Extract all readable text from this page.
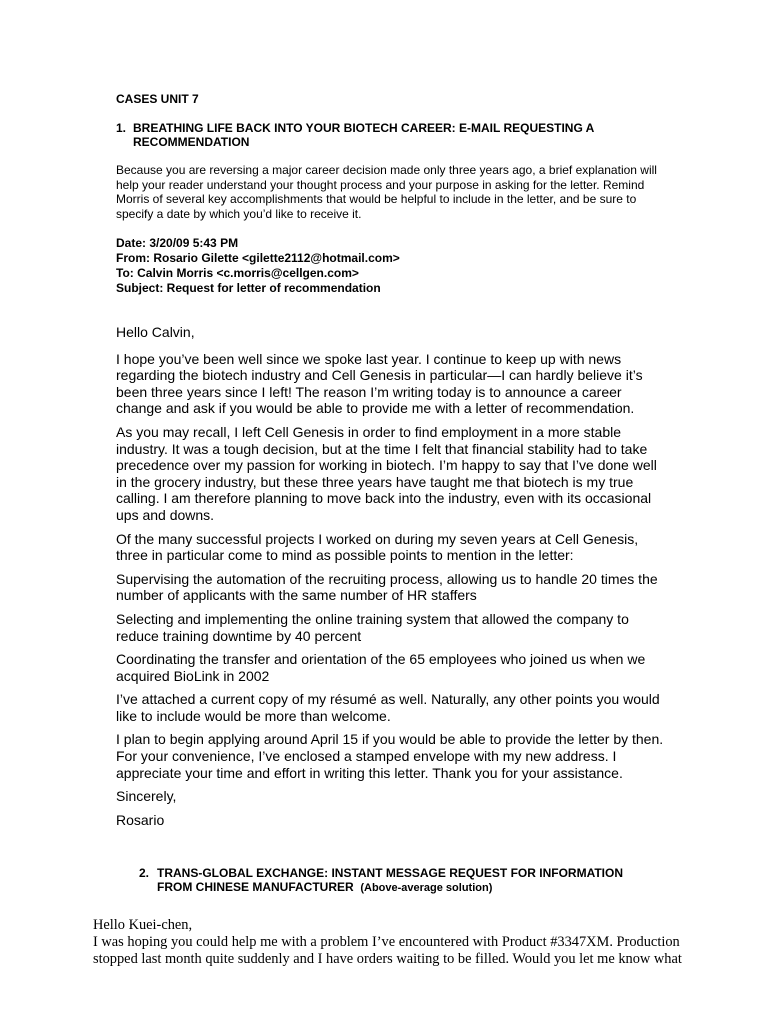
CASES UNIT 7
1. BREATHING LIFE BACK INTO YOUR BIOTECH CAREER: E-MAIL REQUESTING A
RECOMMENDATION
Because you are reversing a major career decision made only three years ago, a brief explanation will help your reader understand your thought process and your purpose in asking for the letter. Remind Morris of several key accomplishments that would be helpful to include in the letter, and be sure to specify a date by which you’d like to receive it.
Date: 3/20/09 5:43 PM
From: Rosario Gilette <gilette2112@hotmail.com>
To: Calvin Morris <c.morris@cellgen.com>
Subject: Request for letter of recommendation

Hello Calvin,

I hope you’ve been well since we spoke last year. I continue to keep up with news regarding the biotech industry and Cell Genesis in particular—I can hardly believe it’s been three years since I left! The reason I’m writing today is to announce a career change and ask if you would be able to provide me with a letter of recommendation.

As you may recall, I left Cell Genesis in order to find employment in a more stable industry. It was a tough decision, but at the time I felt that financial stability had to take precedence over my passion for working in biotech. I’m happy to say that I’ve done well in the grocery industry, but these three years have taught me that biotech is my true calling. I am therefore planning to move back into the industry, even with its occasional ups and downs.

Of the many successful projects I worked on during my seven years at Cell Genesis, three in particular come to mind as possible points to mention in the letter:

Supervising the automation of the recruiting process, allowing us to handle 20 times the number of applicants with the same number of HR staffers

Selecting and implementing the online training system that allowed the company to reduce training downtime by 40 percent

Coordinating the transfer and orientation of the 65 employees who joined us when we acquired BioLink in 2002

I’ve attached a current copy of my résumé as well. Naturally, any other points you would like to include would be more than welcome.

I plan to begin applying around April 15 if you would be able to provide the letter by then. For your convenience, I’ve enclosed a stamped envelope with my new address. I appreciate your time and effort in writing this letter. Thank you for your assistance.

Sincerely,

Rosario

2. TRANS-GLOBAL EXCHANGE: INSTANT MESSAGE REQUEST FOR INFORMATION
FROM CHINESE MANUFACTURER (Above-average solution)

Hello Kuei-chen,

I was hoping you could help me with a problem I’ve encountered with Product #3347XM. Production

stopped last month quite suddenly and I have orders waiting to be filled. Would you let me know what
